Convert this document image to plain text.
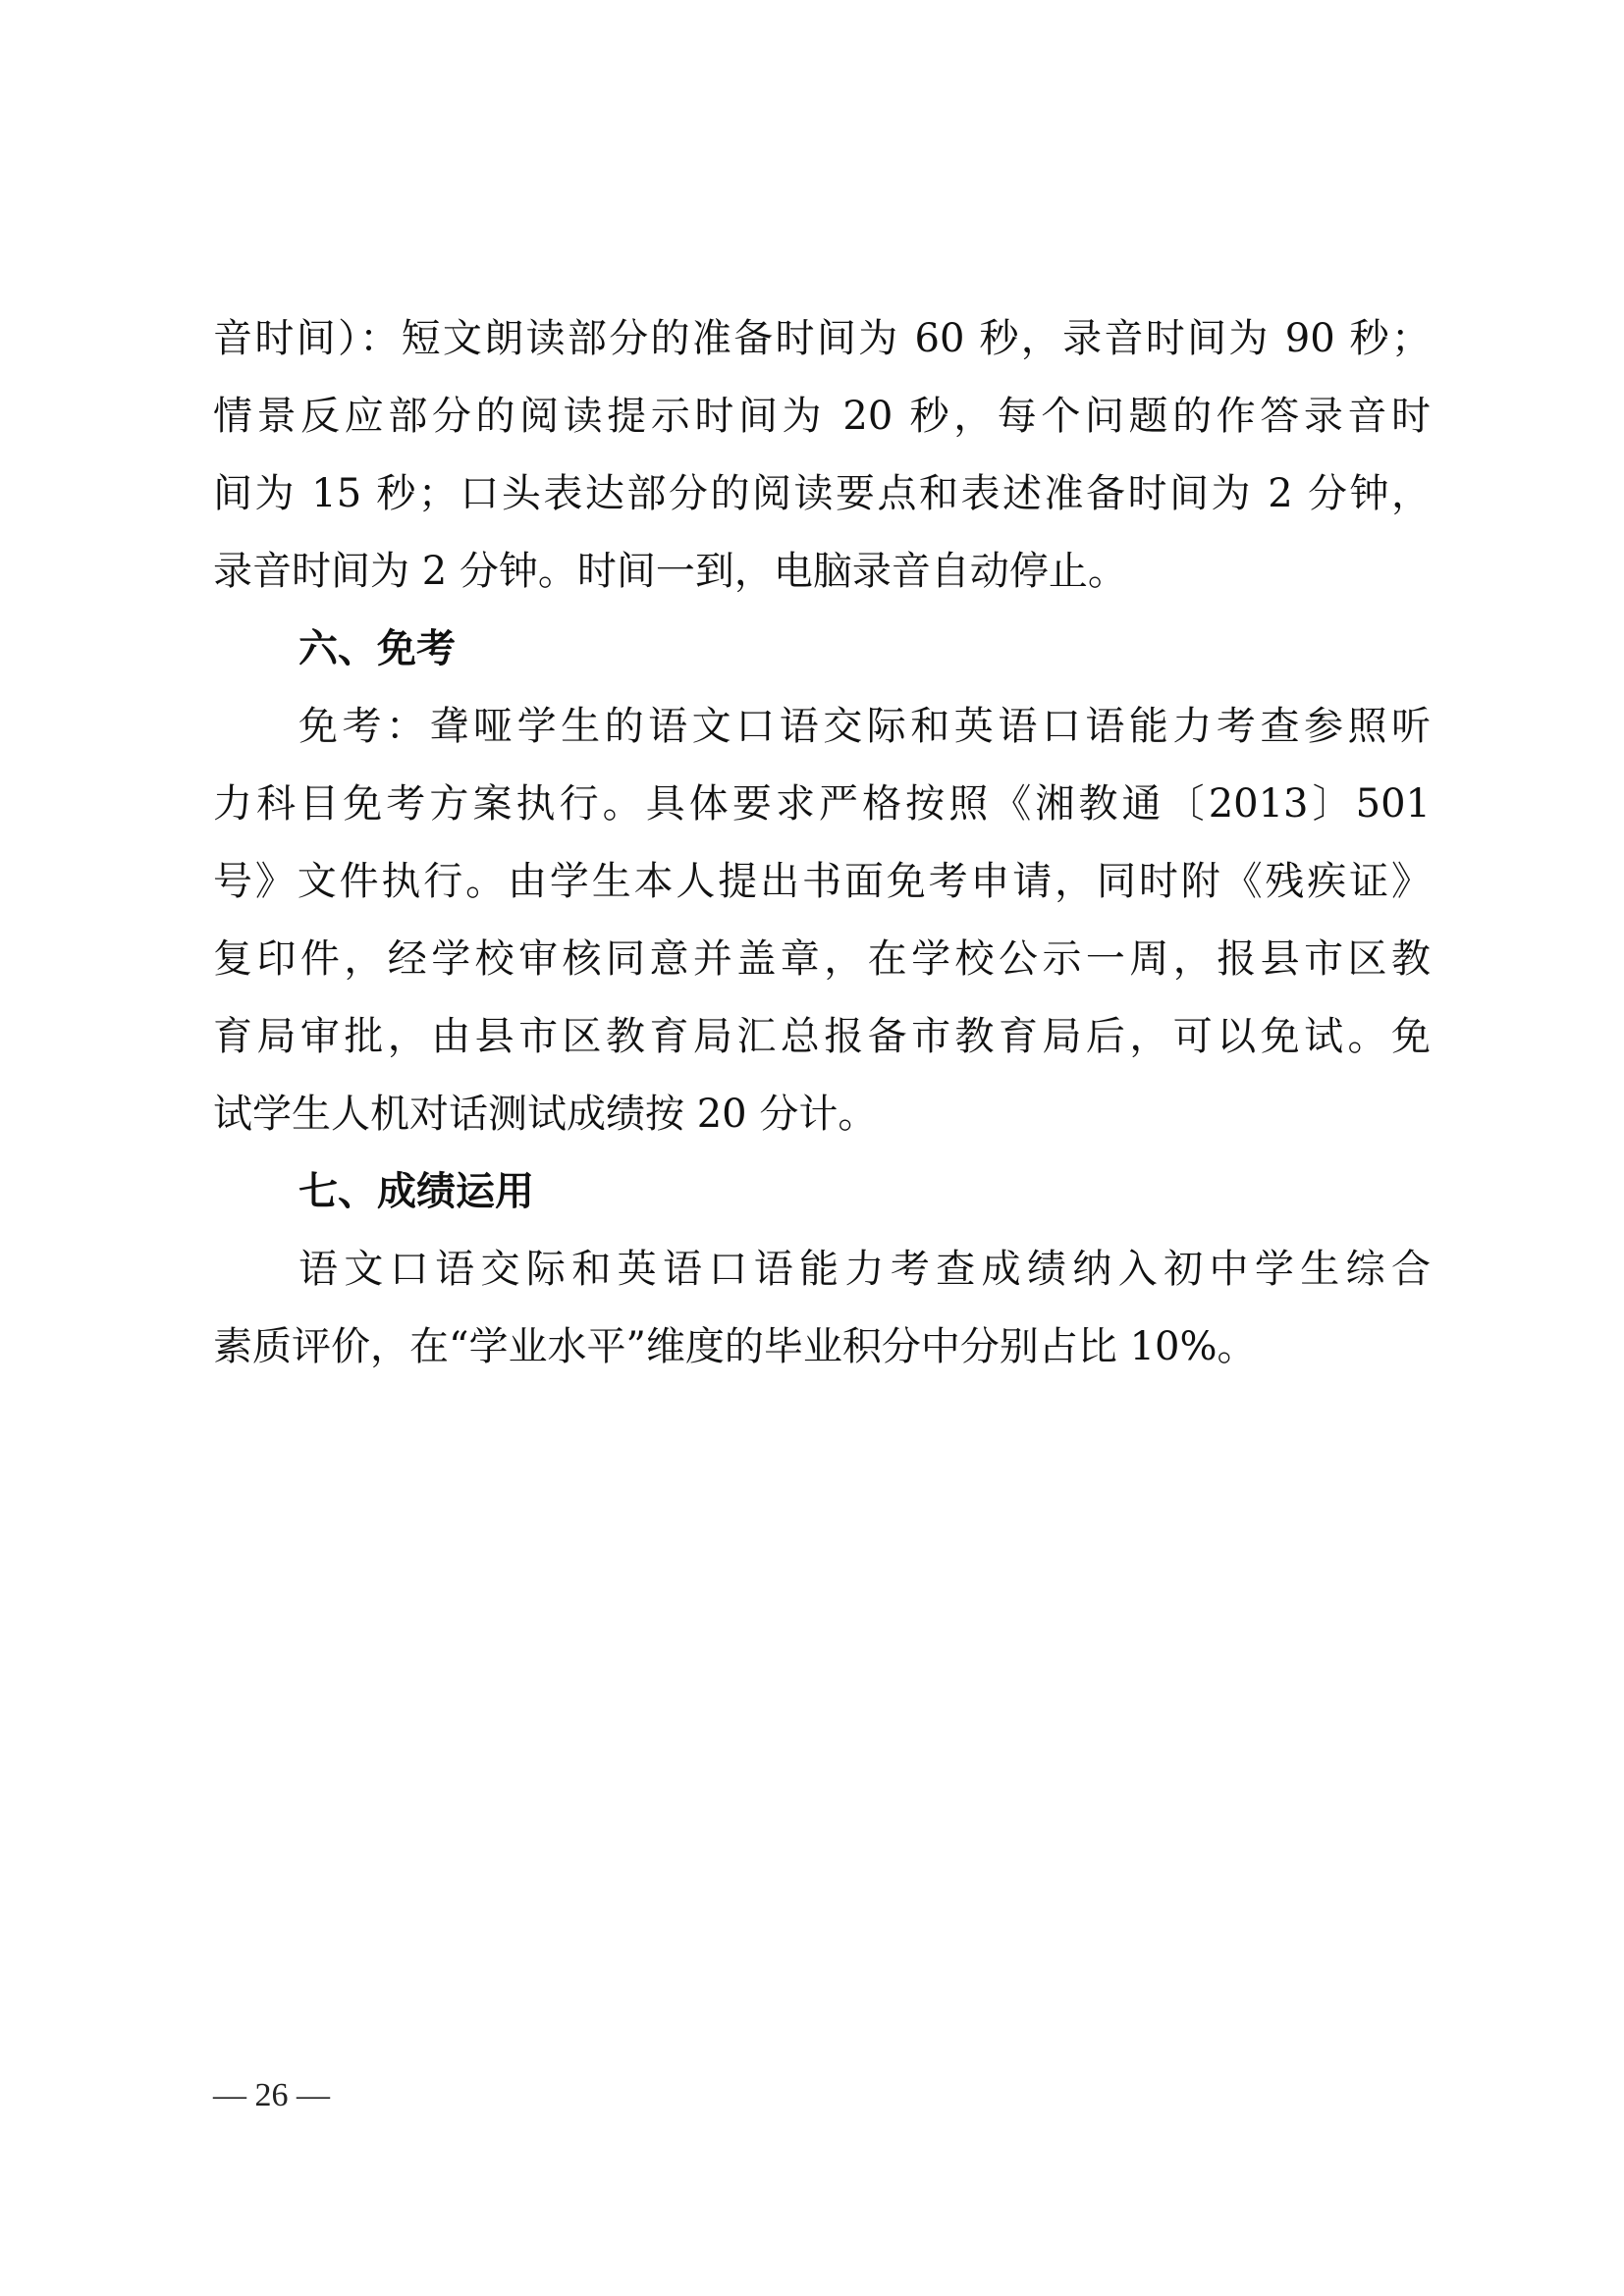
音时间）：短文朗读部分的准备时间为 60 秒，录音时间为 90 秒；
情景反应部分的阅读提示时间为 20 秒，每个问题的作答录音时
间为 15 秒；口头表达部分的阅读要点和表述准备时间为 2 分钟，
录音时间为 2 分钟。时间一到，电脑录音自动停止。
六、免考
免考：聋哑学生的语文口语交际和英语口语能力考查参照听
力科目免考方案执行。具体要求严格按照《湘教通〔2013〕501
号》文件执行。由学生本人提出书面免考申请，同时附《残疾证》
复印件，经学校审核同意并盖章，在学校公示一周，报县市区教
育局审批，由县市区教育局汇总报备市教育局后，可以免试。免
试学生人机对话测试成绩按 20 分计。
七、成绩运用
语文口语交际和英语口语能力考查成绩纳入初中学生综合
素质评价，在“学业水平”维度的毕业积分中分别占比 10%。
— 26 —
